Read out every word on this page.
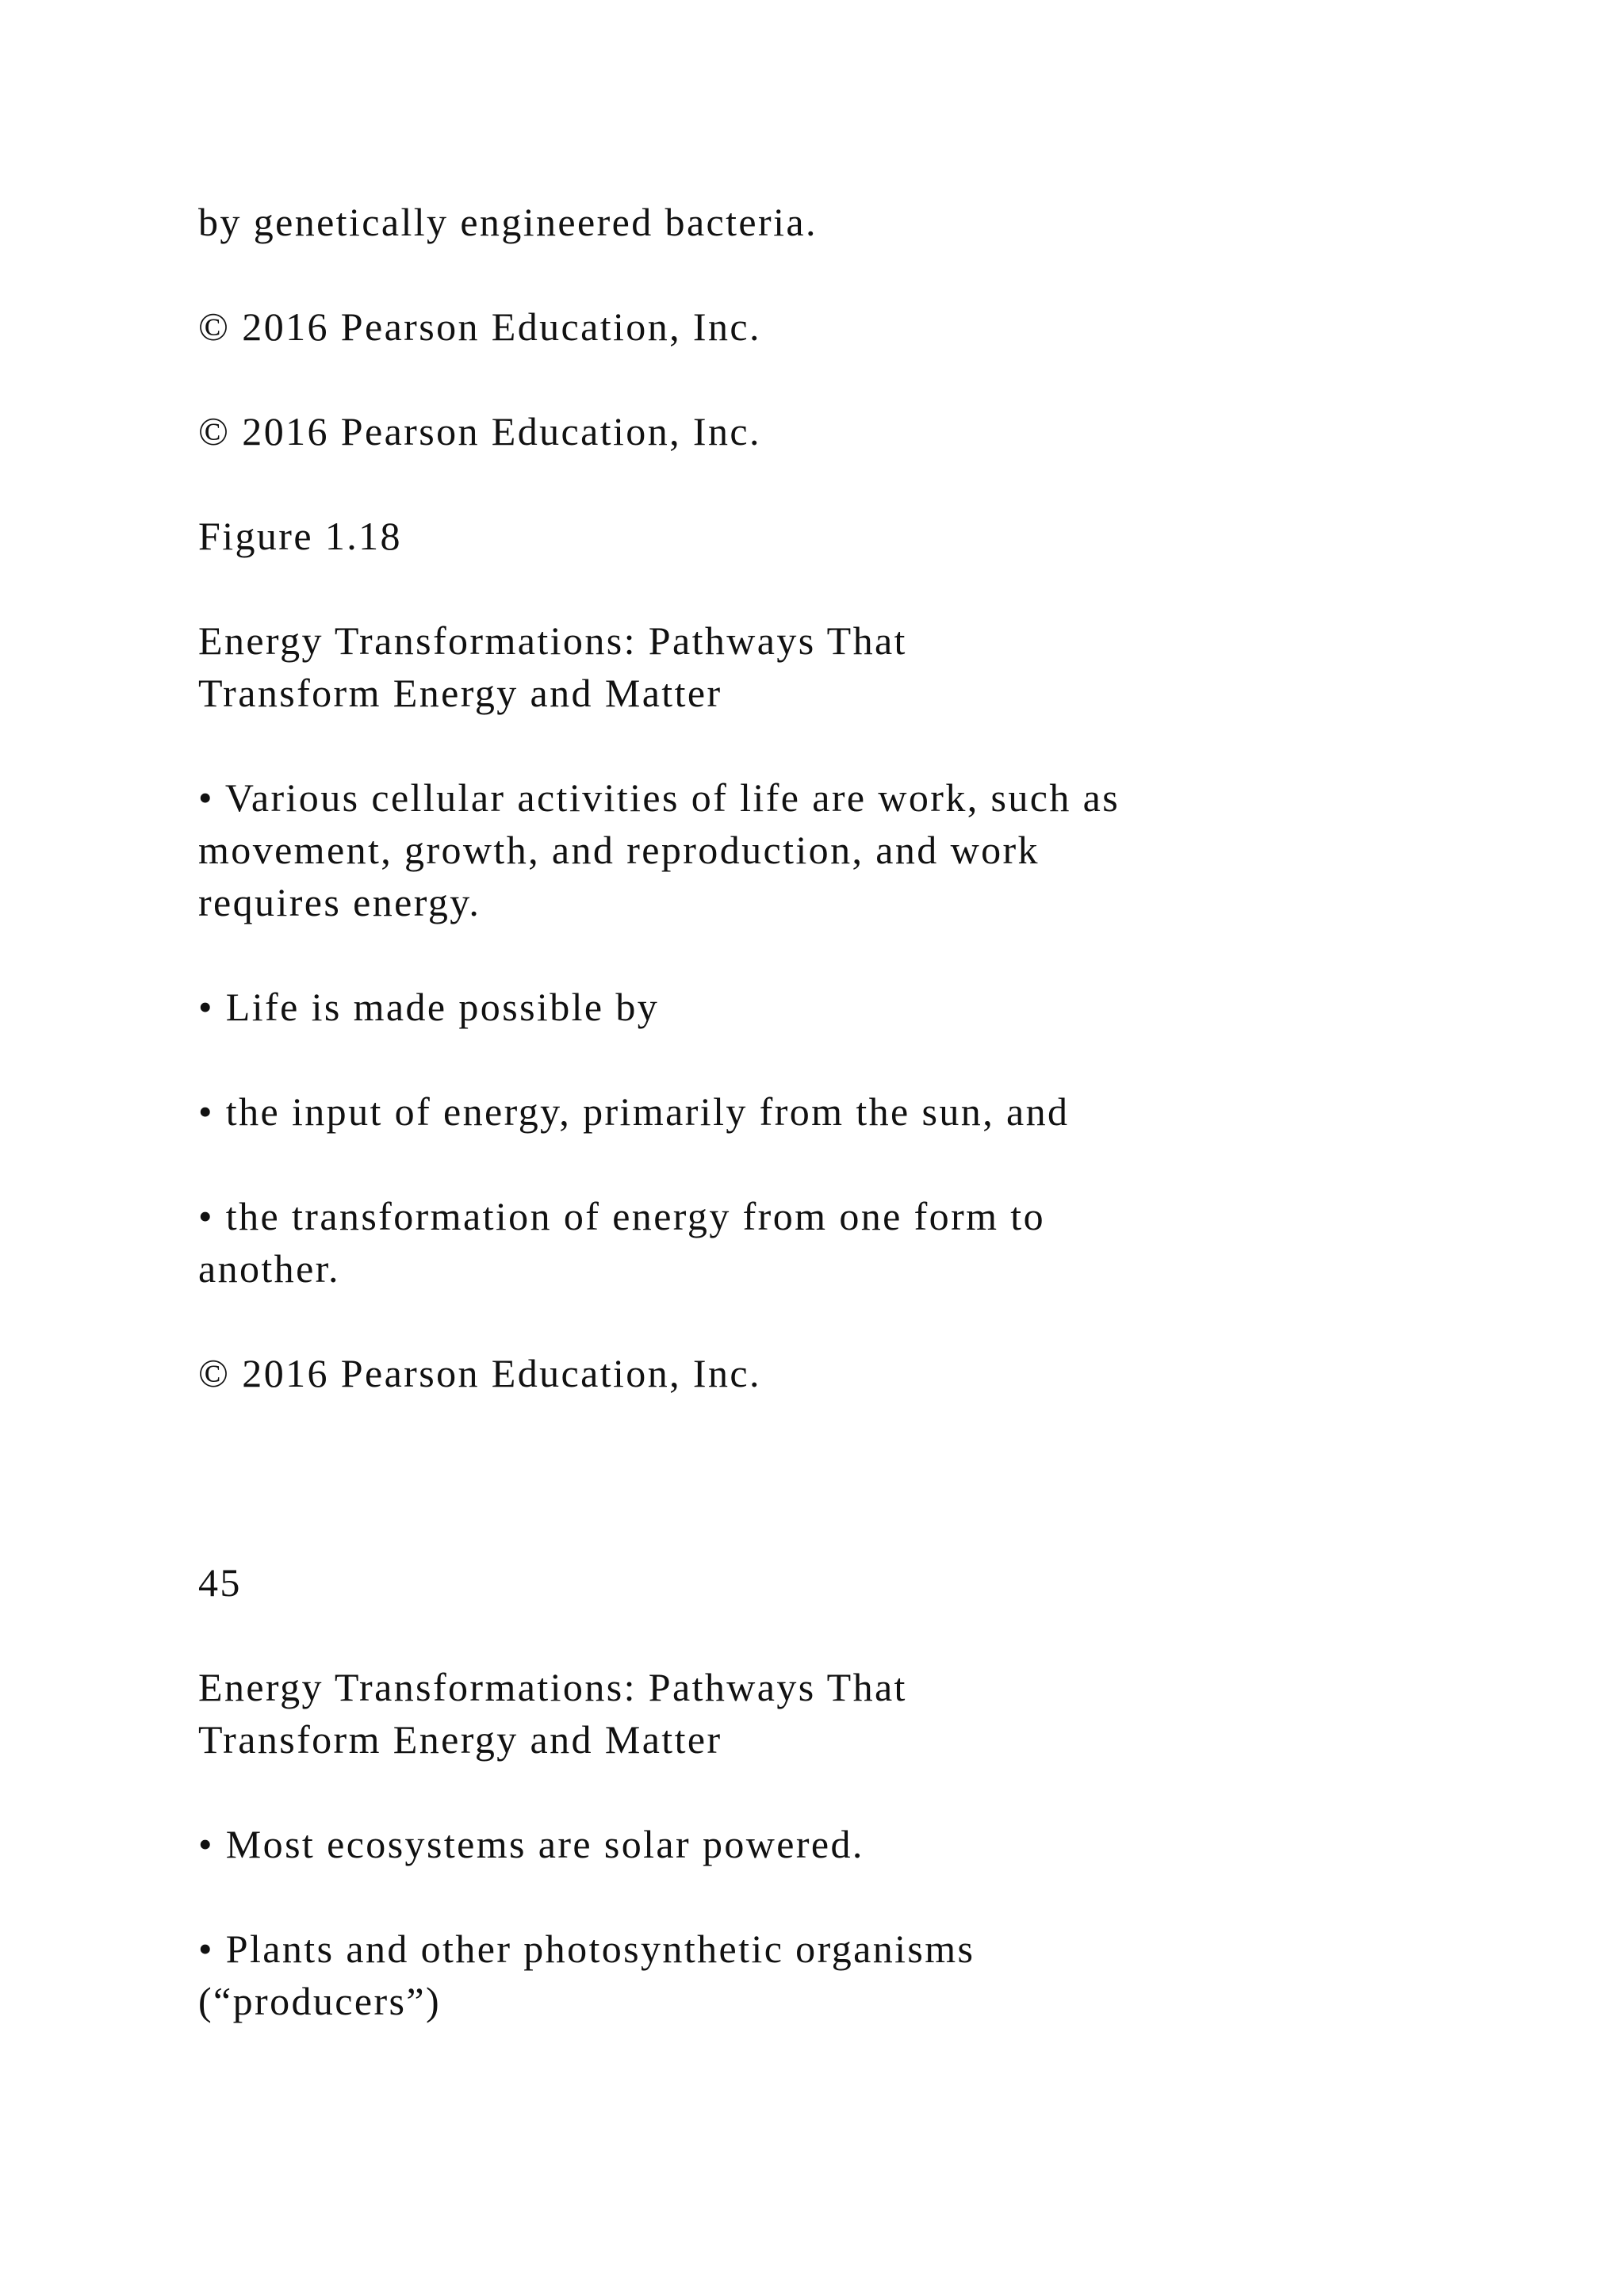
by genetically engineered bacteria.

© 2016 Pearson Education, Inc.

© 2016 Pearson Education, Inc.

Figure 1.18

Energy Transformations: Pathways That

Transform Energy and Matter

• Various cellular activities of life are work, such as

movement, growth, and reproduction, and work

requires energy.

• Life is made possible by

• the input of energy, primarily from the sun, and

• the transformation of energy from one form to

another.

© 2016 Pearson Education, Inc.

45

Energy Transformations: Pathways That

Transform Energy and Matter

• Most ecosystems are solar powered.

• Plants and other photosynthetic organisms

(“producers”)
